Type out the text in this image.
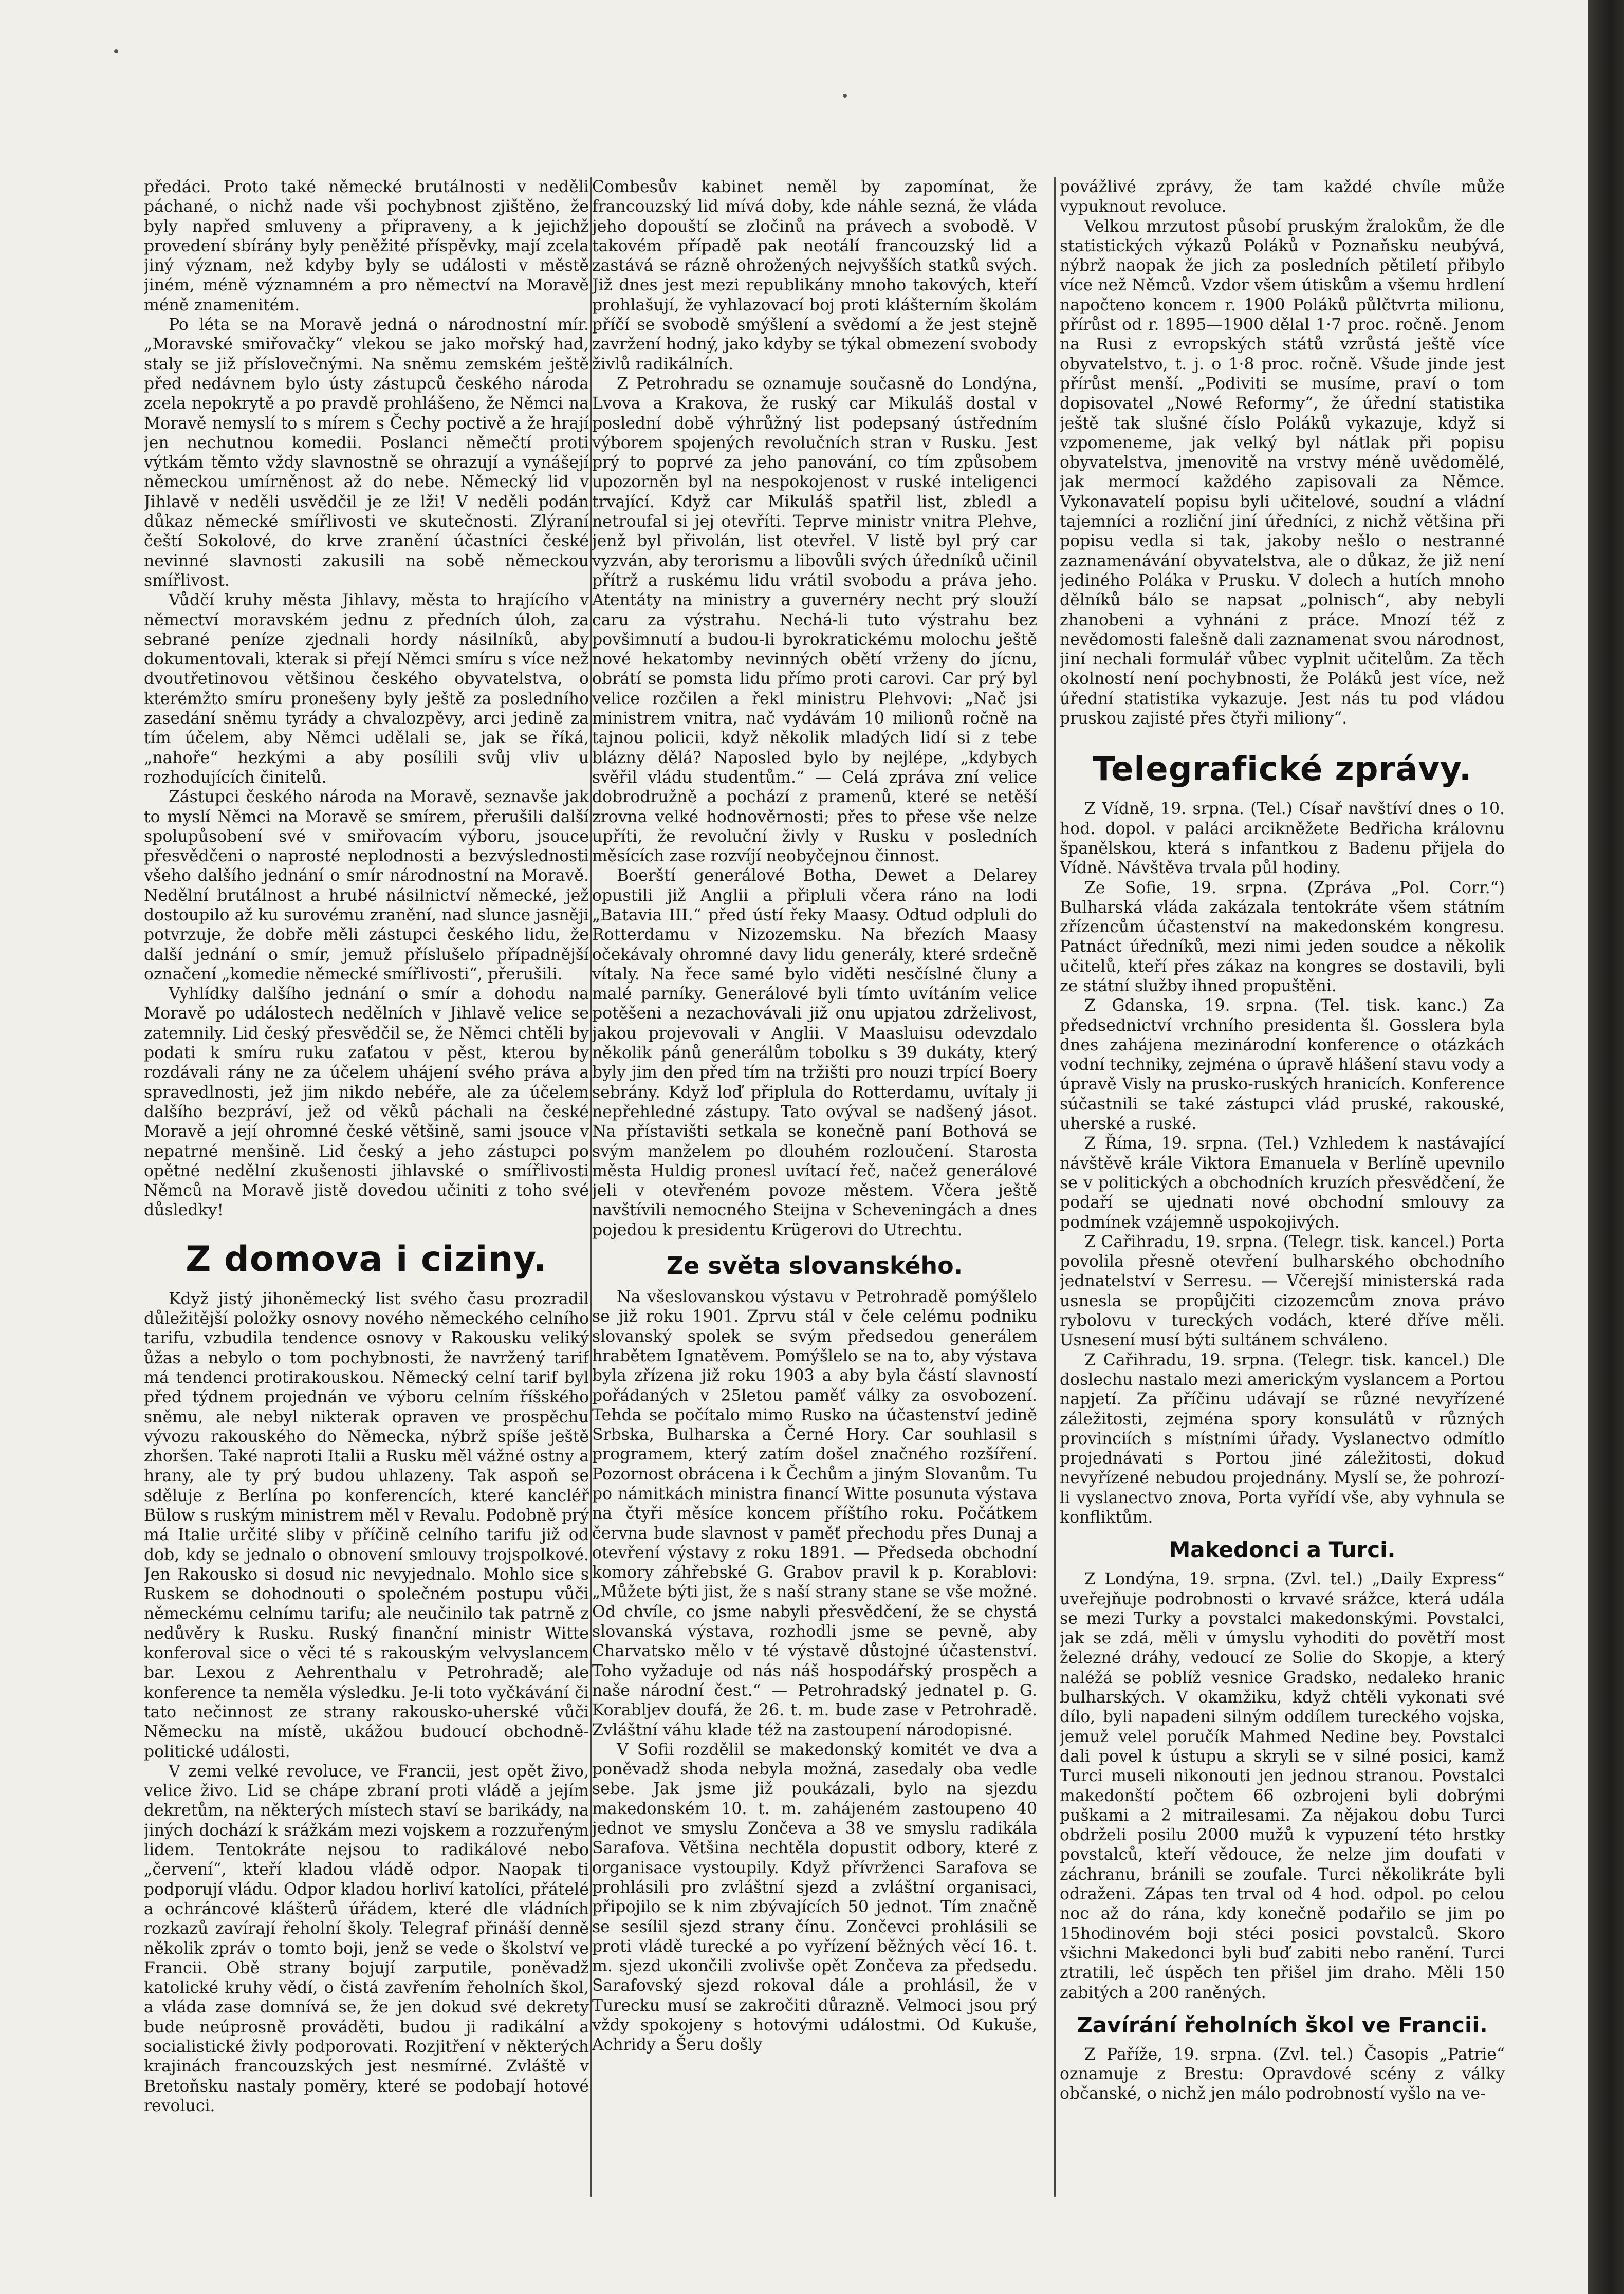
předáci. Proto také německé brutálnosti v neděli páchané, o nichž nade vši pochybnost zjištěno, že byly napřed smluveny a připraveny, a k jejichž provedení sbírány byly peněžité příspěvky, mají zcela jiný význam, než kdyby byly se události v městě jiném, méně významném a pro němectví na Moravě méně znamenitém.

Po léta se na Moravě jedná o národnostní mír. „Moravské smiřovačky“ vlekou se jako mořský had, staly se již příslovečnými. Na sněmu zemském ještě před nedávnem bylo ústy zástupců českého národa zcela nepokrytě a po pravdě prohlášeno, že Němci na Moravě nemyslí to s mírem s Čechy poctivě a že hrají jen nechutnou komedii. Poslanci němečtí proti výtkám těmto vždy slavnostně se ohrazují a vynášejí německou umírněnost až do nebe. Německý lid v Jihlavě v neděli usvědčil je ze lži! V neděli podán důkaz německé smířlivosti ve skutečnosti. Zlýraní čeští Sokolové, do krve zranění účastníci české nevinné slavnosti zakusili na sobě německou smířlivost.

Vůdčí kruhy města Jihlavy, města to hrajícího v němectví moravském jednu z předních úloh, za sebrané peníze zjednali hordy násilníků, aby dokumentovali, kterak si přejí Němci smíru s více než dvoutřetinovou většinou českého obyvatelstva, o kterémžto smíru pronešeny byly ještě za posledního zasedání sněmu tyrády a chvalozpěvy, arci jedině za tím účelem, aby Němci udělali se, jak se říká, „nahoře“ hezkými a aby posílili svůj vliv u rozhodujících činitelů.

Zástupci českého národa na Moravě, seznavše jak to myslí Němci na Moravě se smírem, přerušili další spolupůsobení své v smiřovacím výboru, jsouce přesvědčeni o naprosté neplodnosti a bezvýslednosti všeho dalšího jednání o smír národnostní na Moravě. Nedělní brutálnost a hrubé násilnictví německé, jež dostoupilo až ku surovému zranění, nad slunce jasněji potvrzuje, že dobře měli zástupci českého lidu, že další jednání o smír, jemuž příslušelo případnější označení „komedie německé smířlivosti“, přerušili.

Vyhlídky dalšího jednání o smír a dohodu na Moravě po událostech nedělních v Jihlavě velice se zatemnily. Lid český přesvědčil se, že Němci chtěli by podati k smíru ruku zaťatou v pěst, kterou by rozdávali rány ne za účelem uhájení svého práva a spravedlnosti, jež jim nikdo nebéře, ale za účelem dalšího bezpráví, jež od věků páchali na české Moravě a její ohromné české většině, sami jsouce v nepatrné menšině. Lid český a jeho zástupci po opětné nedělní zkušenosti jihlavské o smířlivosti Němců na Moravě jistě dovedou učiniti z toho své důsledky!

Z domova i ciziny.

Když jistý jihoněmecký list svého času prozradil důležitější položky osnovy nového německého celního tarifu, vzbudila tendence osnovy v Rakousku veliký ůžas a nebylo o tom pochybnosti, že navržený tarif má tendenci protirakouskou. Německý celní tarif byl před týdnem projednán ve výboru celním říšského sněmu, ale nebyl nikterak opraven ve prospěchu vývozu rakouského do Německa, nýbrž spíše ještě zhoršen. Také naproti Italii a Rusku měl vážné ostny a hrany, ale ty prý budou uhlazeny. Tak aspoň se sděluje z Berlína po konferencích, které kancléř Bülow s ruským ministrem měl v Revalu. Podobně prý má Italie určité sliby v příčině celního tarifu již od dob, kdy se jednalo o obnovení smlouvy trojspolkové. Jen Rakousko si dosud nic nevyjednalo. Mohlo sice s Ruskem se dohodnouti o společném postupu vůči německému celnímu tarifu; ale neučinilo tak patrně z nedůvěry k Rusku. Ruský finanční ministr Witte konferoval sice o věci té s rakouským velvyslancem bar. Lexou z Aehrenthalu v Petrohradě; ale konference ta neměla výsledku. Je-li toto vyčkávání či tato nečinnost ze strany rakousko-uherské vůči Německu na místě, ukážou budoucí obchodně-politické události.

V zemi velké revoluce, ve Francii, jest opět živo, velice živo. Lid se chápe zbraní proti vládě a jejím dekretům, na některých místech staví se barikády, na jiných dochází k srážkám mezi vojskem a rozzuřeným lidem. Tentokráte nejsou to radikálové nebo „červení“, kteří kladou vládě odpor. Naopak ti podporují vládu. Odpor kladou horliví katolíci, přátelé a ochráncové klášterů úřádem, které dle vládních rozkazů zavírají řeholní školy. Telegraf přináší denně několik zpráv o tomto boji, jenž se vede o školství ve Francii. Obě strany bojují zarputile, poněvadž katolické kruhy vědí, o čistá zavřením řeholních škol, a vláda zase domnívá se, že jen dokud své dekrety bude neúprosně prováděti, budou ji radikální a socialistické živly podporovati. Rozjitření v některých krajinách francouzských jest nesmírné. Zvláště v Bretoňsku nastaly pomĕry, které se podobají hotové revoluci.

Combesův kabinet neměl by zapomínat, že francouzský lid mívá doby, kde náhle sezná, že vláda jeho dopouští se zločinů na právech a svobodě. V takovém případě pak neotálí francouzský lid a zastává se rázně ohrožených nejvyšších statků svých. Již dnes jest mezi republikány mnoho takových, kteří prohlašují, že vyhlazovací boj proti klášterním školám příčí se svobodě smýšlení a svědomí a že jest stejně zavržení hodný, jako kdyby se týkal obmezení svobody živlů radikálních.

Z Petrohradu se oznamuje současně do Londýna, Lvova a Krakova, že ruský car Mikuláš dostal v poslední době výhrůžný list podepsaný ústředním výborem spojených revolučních stran v Rusku. Jest prý to poprvé za jeho panování, co tím způsobem upozorněn byl na nespokojenost v ruské inteligenci trvající. Když car Mikuláš spatřil list, zbledl a netroufal si jej otevříti. Teprve ministr vnitra Plehve, jenž byl přivolán, list otevřel. V listě byl prý car vyzván, aby terorismu a libovůli svých úředníků učinil přítrž a ruskému lidu vrátil svobodu a práva jeho. Atentáty na ministry a guvernéry necht prý slouží caru za výstrahu. Nechá-li tuto výstrahu bez povšimnutí a budou-li byrokratickému molochu ještě nové hekatomby nevinných obětí vrženy do jícnu, obrátí se pomsta lidu přímo proti carovi. Car prý byl velice rozčilen a řekl ministru Plehvovi: „Nač jsi ministrem vnitra, nač vydávám 10 milionů ročně na tajnou policii, když několik mladých lidí si z tebe blázny dělá? Naposled bylo by nejlépe, „kdybych svěřil vládu studentům.“ — Celá zpráva zní velice dobrodružně a pochází z pramenů, které se netěší zrovna velké hodnověrnosti; přes to přese vše nelze upříti, že revoluční živly v Rusku v posledních měsících zase rozvíjí neobyčejnou činnost.

Boerští generálové Botha, Dewet a Delarey opustili již Anglii a připluli včera ráno na lodi „Batavia III.“ před ústí řeky Maasy. Odtud odpluli do Rotterdamu v Nizozemsku. Na březích Maasy očekávaly ohromné davy lidu generály, které srdečně vítaly. Na řece samé bylo viděti nesčíslné čluny a malé parníky. Generálové byli tímto uvítáním velice potěšeni a nezachovávali již onu upjatou zdrželivost, jakou projevovali v Anglii. V Maasluisu odevzdalo několik pánů generálům tobolku s 39 dukáty, který byly jim den před tím na tržišti pro nouzi trpící Boery sebrány. Když loď připlula do Rotterdamu, uvítaly ji nepřehledné zástupy. Tato ovýval se nadšený jásot. Na přístavišti setkala se konečně paní Bothová se svým manželem po dlouhém rozloučení. Starosta města Huldig pronesl uvítací řeč, načež generálové jeli v otevřeném povoze městem. Včera ještě navštívili nemocného Steijna v Scheveningách a dnes pojedou k presidentu Krügerovi do Utrechtu.

Ze světa slovanského.

Na všeslovanskou výstavu v Petrohradě pomýšlelo se již roku 1901. Zprvu stál v čele celému podniku slovanský spolek se svým předsedou generálem hrabětem Ignatěvem. Pomýšlelo se na to, aby výstava byla zřízena již roku 1903 a aby byla částí slavností pořádaných v 25letou paměť války za osvobození. Tehda se počítalo mimo Rusko na účastenství jedině Srbska, Bulharska a Černé Hory. Car souhlasil s programem, který zatím došel značného rozšíření. Pozornost obrácena i k Čechům a jiným Slovanům. Tu po námitkách ministra financí Witte posunuta výstava na čtyři měsíce koncem příštího roku. Počátkem června bude slavnost v paměť přechodu přes Dunaj a otevření výstavy z roku 1891. — Předseda obchodní komory záhřebské G. Grabov pravil k p. Korablovi: „Můžete býti jist, že s naší strany stane se vše možné. Od chvíle, co jsme nabyli přesvědčení, že se chystá slovanská výstava, rozhodli jsme se pevně, aby Charvatsko mělo v té výstavě důstojné účastenství. Toho vyžaduje od nás náš hospodářský prospěch a naše národní čest.“ — Petrohradský jednatel p. G. Korabljev doufá, že 26. t. m. bude zase v Petrohradě. Zvláštní váhu klade též na zastoupení národopisné.

V Sofii rozdělil se makedonský komitét ve dva a poněvadž shoda nebyla možná, zasedaly oba vedle sebe. Jak jsme již poukázali, bylo na sjezdu makedonském 10. t. m. zahájeném zastoupeno 40 jednot ve smyslu Zončeva a 38 ve smyslu radikála Sarafova. Většina nechtěla dopustit odbory, které z organisace vystoupily. Když přívrženci Sarafova se prohlásili pro zvláštní sjezd a zvláštní organisaci, připojilo se k nim zbývajících 50 jednot. Tím značně se sesílil sjezd strany čínu. Zončevci prohlásili se proti vládě turecké a po vyřízení běžných věcí 16. t. m. sjezd ukončili zvolivše opět Zončeva za předsedu. Sarafovský sjezd rokoval dále a prohlásil, že v Turecku musí se zakročiti důrazně. Velmoci jsou prý vždy spokojeny s hotovými událostmi. Od Kukuše, Achridy a Šeru došly

povážlivé zprávy, že tam každé chvíle může vypuknout revoluce.

Velkou mrzutost působí pruským žralokům, že dle statistických výkazů Poláků v Poznaňsku neubývá, nýbrž naopak že jich za posledních pětiletí přibylo více než Němců. Vzdor všem útiskům a všemu hrdlení napočteno koncem r. 1900 Poláků půlčtvrta milionu, přírůst od r. 1895—1900 dělal 1·7 proc. ročně. Jenom na Rusi z evropských států vzrůstá ještě více obyvatelstvo, t. j. o 1·8 proc. ročně. Všude jinde jest přírůst menší. „Podiviti se musíme, praví o tom dopisovatel „Nowé Reformy“, že úřední statistika ještě tak slušné číslo Poláků vykazuje, když si vzpomeneme, jak velký byl nátlak při popisu obyvatelstva, jmenovitě na vrstvy méně uvědomělé, jak mermocí každého zapisovali za Němce. Vykonavatelí popisu byli učitelové, soudní a vládní tajemníci a rozliční jiní úředníci, z nichž většina při popisu vedla si tak, jakoby nešlo o nestranné zaznamenávání obyvatelstva, ale o důkaz, že již není jediného Poláka v Prusku. V dolech a hutích mnoho dělníků bálo se napsat „polnisch“, aby nebyli zhanobeni a vyhnáni z práce. Mnozí též z nevědomosti falešně dali zaznamenat svou národnost, jiní nechali formulář vůbec vyplnit učitelům. Za těch okolností není pochybnosti, že Poláků jest více, než úřední statistika vykazuje. Jest nás tu pod vládou pruskou zajisté přes čtyři miliony“.

Telegrafické zprávy.

Z Vídně, 19. srpna. (Tel.) Císař navštíví dnes o 10. hod. dopol. v paláci arcikněžete Bedřicha královnu španělskou, která s infantkou z Badenu přijela do Vídně. Návštěva trvala půl hodiny.

Ze Sofie, 19. srpna. (Zpráva „Pol. Corr.“) Bulharská vláda zakázala tentokráte všem státním zřízencům účastenství na makedonském kongresu. Patnáct úředníků, mezi nimi jeden soudce a několik učitelů, kteří přes zákaz na kongres se dostavili, byli ze státní služby ihned propuštěni.

Z Gdanska, 19. srpna. (Tel. tisk. kanc.) Za předsednictví vrchního presidenta šl. Gosslera byla dnes zahájena mezinárodní konference o otázkách vodní techniky, zejména o úpravě hlášení stavu vody a úpravě Visly na prusko-ruských hranicích. Konference súčastnili se také zástupci vlád pruské, rakouské, uherské a ruské.

Z Říma, 19. srpna. (Tel.) Vzhledem k nastávající návštěvě krále Viktora Emanuela v Berlíně upevnilo se v politických a obchodních kruzích přesvědčení, že podaří se ujednati nové obchodní smlouvy za podmínek vzájemně uspokojivých.

Z Cařihradu, 19. srpna. (Telegr. tisk. kancel.) Porta povolila přesně otevření bulharského obchodního jednatelství v Serresu. — Včerejší ministerská rada usnesla se propůjčiti cizozemcům znova právo rybolovu v tureckých vodách, které dříve měli. Usnesení musí býti sultánem schváleno.

Z Cařihradu, 19. srpna. (Telegr. tisk. kancel.) Dle doslechu nastalo mezi americkým vyslancem a Portou napjetí. Za příčinu udávají se různé nevyřízené záležitosti, zejména spory konsulátů v různých provinciích s místními úřady. Vyslanectvo odmítlo projednávati s Portou jiné záležitosti, dokud nevyřízené nebudou projednány. Myslí se, že pohrozí-li vyslanectvo znova, Porta vyřídí vše, aby vyhnula se konfliktům.

Makedonci a Turci.

Z Londýna, 19. srpna. (Zvl. tel.) „Daily Express“ uveřejňuje podrobnosti o krvavé srážce, která udála se mezi Turky a povstalci makedonskými. Povstalci, jak se zdá, měli v úmyslu vyhoditi do povětří most železné dráhy, vedoucí ze Solie do Skopje, a který naléžá se poblíž vesnice Gradsko, nedaleko hranic bulharských. V okamžiku, když chtěli vykonati své dílo, byli napadeni silným oddílem tureckého vojska, jemuž velel poručík Mahmed Nedine bey. Povstalci dali povel k ústupu a skryli se v silné posici, kamž Turci museli nikonouti jen jednou stranou. Povstalci makedonští počtem 66 ozbrojeni byli dobrými puškami a 2 mitrailesami. Za nějakou dobu Turci obdrželi posilu 2000 mužů k vypuzení této hrstky povstalců, kteří vědouce, že nelze jim doufati v záchranu, bránili se zoufale. Turci několikráte byli odraženi. Zápas ten trval od 4 hod. odpol. po celou noc až do rána, kdy konečně podařilo se jim po 15hodinovém boji stéci posici povstalců. Skoro všichni Makedonci byli buď zabiti nebo ranění. Turci ztratili, leč úspěch ten přišel jim draho. Měli 150 zabitých a 200 raněných.

Zavírání řeholních škol ve Francii.

Z Paříže, 19. srpna. (Zvl. tel.) Časopis „Patrie“ oznamuje z Brestu: Opravdové scény z války občanské, o nichž jen málo podrobností vyšlo na ve-
